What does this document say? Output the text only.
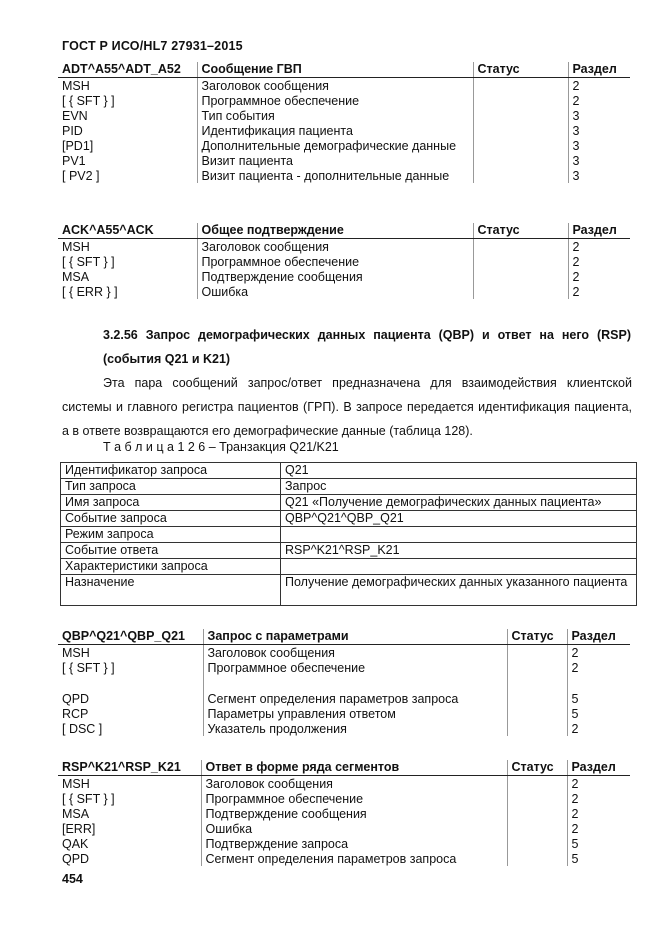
ГОСТ Р ИСО/HL7 27931–2015
ADT^A55^ADT_A52	Сообщение ГВП	Статус	Раздел
MSH	Заголовок сообщения		2
[ { SFT } ]	Программное обеспечение		2
EVN	Тип события		3
PID	Идентификация пациента		3
[PD1]	Дополнительные демографические данные		3
PV1	Визит пациента		3
[ PV2 ]	Визит пациента - дополнительные данные		3
ACK^A55^ACK	Общее подтверждение	Статус	Раздел
MSH	Заголовок сообщения		2
[ { SFT } ]	Программное обеспечение		2
MSA	Подтверждение сообщения		2
[ { ERR } ]	Ошибка		2
3.2.56 Запрос демографических данных пациента (QBP) и ответ на него (RSP) (события Q21 и K21)
Эта пара сообщений запрос/ответ предназначена для взаимодействия клиентской системы и главного регистра пациентов (ГРП). В запросе передается идентификация пациента, а в ответе возвращаются его демографические данные (таблица 128).
Т а б л и ц а 1 2 6 – Транзакция Q21/K21
Идентификатор запроса	Q21
Тип запроса	Запрос
Имя запроса	Q21 «Получение демографических данных пациента»
Событие запроса	QBP^Q21^QBP_Q21
Режим запроса	
Событие ответа	RSP^K21^RSP_K21
Характеристики запроса	
Назначение	Получение демографических данных указанного пациента
QBP^Q21^QBP_Q21	Запрос с параметрами	Статус	Раздел
MSH	Заголовок сообщения		2
[ { SFT } ]	Программное обеспечение		2

QPD	Сегмент определения параметров запроса		5
RCP	Параметры управления ответом		5
[ DSC ]	Указатель продолжения		2
RSP^K21^RSP_K21	Ответ в форме ряда сегментов	Статус	Раздел
MSH	Заголовок сообщения		2
[ { SFT } ]	Программное обеспечение		2
MSA	Подтверждение сообщения		2
[ERR]	Ошибка		2
QAK	Подтверждение запроса		5
QPD	Сегмент определения параметров запроса		5
454
